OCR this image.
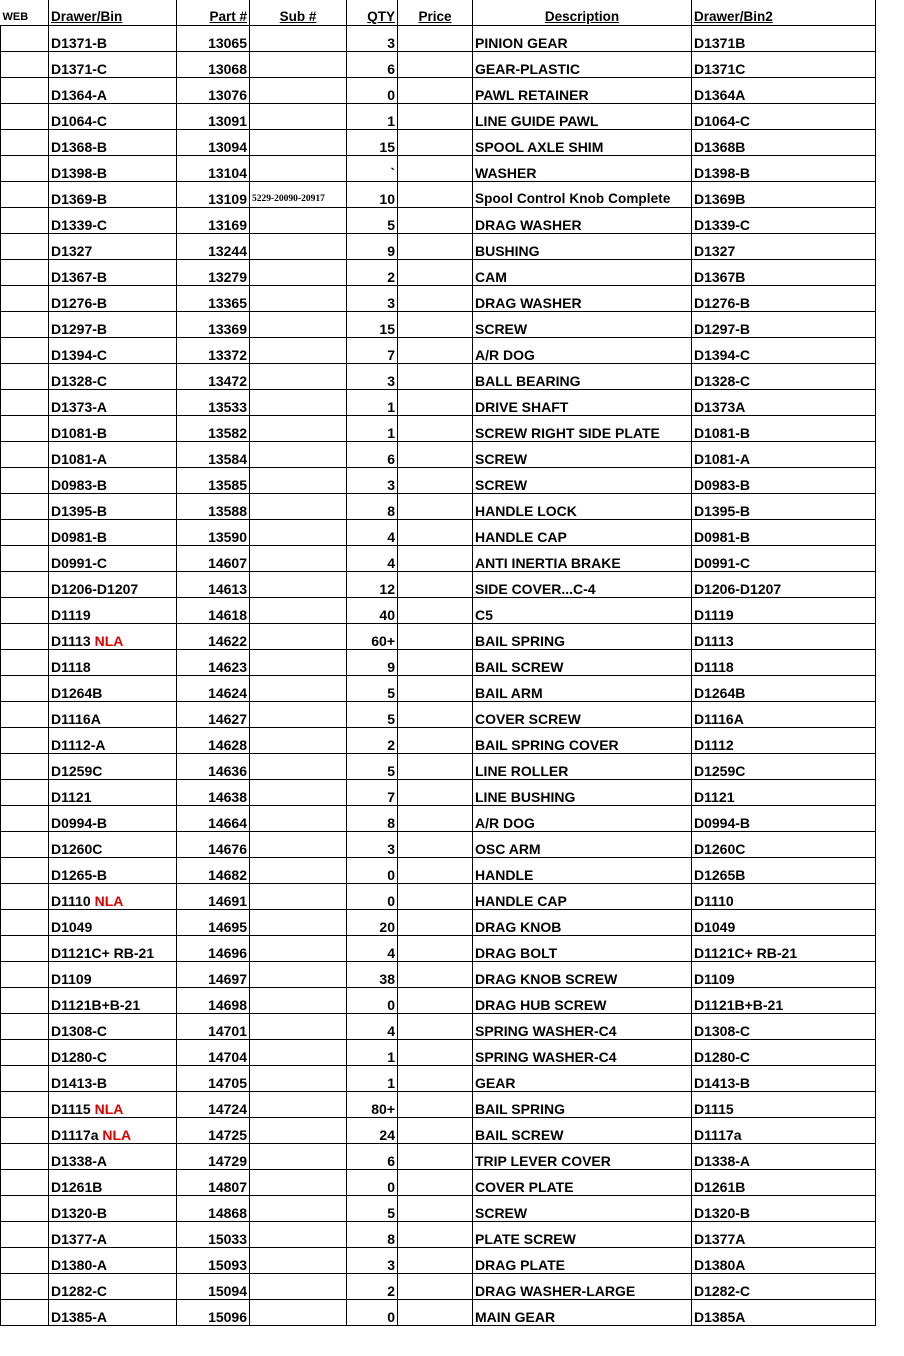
WEB	Drawer/Bin	Part #	Sub #	QTY	Price	Description	Drawer/Bin2	
	D1371-B	13065		3		PINION GEAR	D1371B	
	D1371-C	13068		6		GEAR-PLASTIC	D1371C	
	D1364-A	13076		0		PAWL RETAINER	D1364A	
	D1064-C	13091		1		LINE GUIDE PAWL	D1064-C	
	D1368-B	13094		15		SPOOL AXLE SHIM	D1368B	
	D1398-B	13104		`		WASHER	D1398-B	
	D1369-B	13109	5229-20090-20917	10		Spool Control Knob Complete	D1369B	
	D1339-C	13169		5		DRAG WASHER	D1339-C	
	D1327	13244		9		BUSHING	D1327	
	D1367-B	13279		2		CAM	D1367B	
	D1276-B	13365		3		DRAG WASHER	D1276-B	
	D1297-B	13369		15		SCREW	D1297-B	
	D1394-C	13372		7		A/R DOG	D1394-C	
	D1328-C	13472		3		BALL BEARING	D1328-C	
	D1373-A	13533		1		DRIVE SHAFT	D1373A	
	D1081-B	13582		1		SCREW RIGHT SIDE PLATE	D1081-B	
	D1081-A	13584		6		SCREW	D1081-A	
	D0983-B	13585		3		SCREW	D0983-B	
	D1395-B	13588		8		HANDLE LOCK	D1395-B	
	D0981-B	13590		4		HANDLE CAP	D0981-B	
	D0991-C	14607		4		ANTI INERTIA BRAKE	D0991-C	
	D1206-D1207	14613		12		SIDE COVER...C-4	D1206-D1207	
	D1119	14618		40		C5	D1119	
	D1113 NLA	14622		60+		BAIL SPRING	D1113	
	D1118	14623		9		BAIL SCREW	D1118	
	D1264B	14624		5		BAIL ARM	D1264B	
	D1116A	14627		5		COVER SCREW	D1116A	
	D1112-A	14628		2		BAIL SPRING COVER	D1112	
	D1259C	14636		5		LINE ROLLER	D1259C	
	D1121	14638		7		LINE BUSHING	D1121	
	D0994-B	14664		8		A/R DOG	D0994-B	
	D1260C	14676		3		OSC ARM	D1260C	
	D1265-B	14682		0		HANDLE	D1265B	
	D1110 NLA	14691		0		HANDLE CAP	D1110	
	D1049	14695		20		DRAG KNOB	D1049	
	D1121C+ RB-21	14696		4		DRAG BOLT	D1121C+ RB-21	
	D1109	14697		38		DRAG KNOB SCREW	D1109	
	D1121B+B-21	14698		0		DRAG HUB SCREW	D1121B+B-21	
	D1308-C	14701		4		SPRING WASHER-C4	D1308-C	
	D1280-C	14704		1		SPRING WASHER-C4	D1280-C	
	D1413-B	14705		1		GEAR	D1413-B	
	D1115 NLA	14724		80+		BAIL SPRING	D1115	
	D1117a NLA	14725		24		BAIL SCREW	D1117a	
	D1338-A	14729		6		TRIP LEVER COVER	D1338-A	
	D1261B	14807		0		COVER PLATE	D1261B	
	D1320-B	14868		5		SCREW	D1320-B	
	D1377-A	15033		8		PLATE SCREW	D1377A	
	D1380-A	15093		3		DRAG PLATE	D1380A	
	D1282-C	15094		2		DRAG WASHER-LARGE	D1282-C	
	D1385-A	15096		0		MAIN GEAR	D1385A	
